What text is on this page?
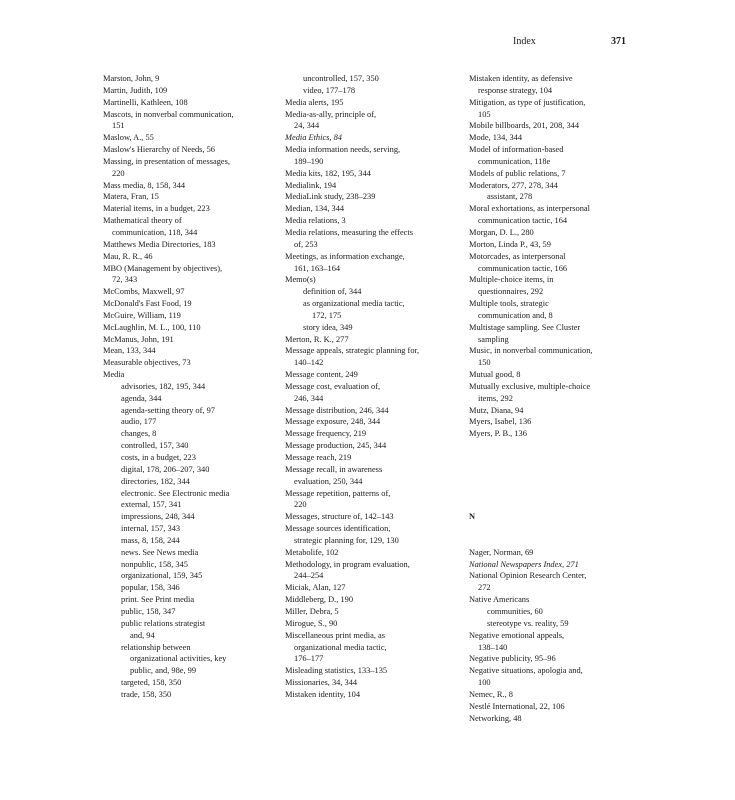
Index	371
Marston, John, 9
Martin, Judith, 109
Martinelli, Kathleen, 108
Mascots, in nonverbal communication,
151
Maslow, A., 55
Maslow's Hierarchy of Needs, 56
Massing, in presentation of messages,
220
Mass media, 8, 158, 344
Matera, Fran, 15
Material items, in a budget, 223
Mathematical theory of
communication, 118, 344
Matthews Media Directories, 183
Mau, R. R., 46
MBO (Management by objectives),
72, 343
McCombs, Maxwell, 97
McDonald's Fast Food, 19
McGuire, William, 119
McLaughlin, M. L., 100, 110
McManus, John, 191
Mean, 133, 344
Measurable objectives, 73
Media
advisories, 182, 195, 344
agenda, 344
agenda-setting theory of, 97
audio, 177
changes, 8
controlled, 157, 340
costs, in a budget, 223
digital, 178, 206–207, 340
directories, 182, 344
electronic. See Electronic media
external, 157, 341
impressions, 248, 344
internal, 157, 343
mass, 8, 158, 244
news. See News media
nonpublic, 158, 345
organizational, 159, 345
popular, 158, 346
print. See Print media
public, 158, 347
public relations strategist
and, 94
relationship between
organizational activities, key
public, and, 98e, 99
targeted, 158, 350
trade, 158, 350
uncontrolled, 157, 350
video, 177–178
Media alerts, 195
Media-as-ally, principle of,
24, 344
Media Ethics, 84
Media information needs, serving,
189–190
Media kits, 182, 195, 344
Medialink, 194
MediaLink study, 238–239
Median, 134, 344
Media relations, 3
Media relations, measuring the effects
of, 253
Meetings, as information exchange,
161, 163–164
Memo(s)
definition of, 344
as organizational media tactic,
172, 175
story idea, 349
Merton, R. K., 277
Message appeals, strategic planning for,
140–142
Message content, 249
Message cost, evaluation of,
246, 344
Message distribution, 246, 344
Message exposure, 248, 344
Message frequency, 219
Message production, 245, 344
Message reach, 219
Message recall, in awareness
evaluation, 250, 344
Message repetition, patterns of,
220
Messages, structure of, 142–143
Message sources identification,
strategic planning for, 129, 130
Metabolife, 102
Methodology, in program evaluation,
244–254
Miciak, Alan, 127
Middleberg, D., 190
Miller, Debra, 5
Mirogue, S., 90
Miscellaneous print media, as
organizational media tactic,
176–177
Misleading statistics, 133–135
Missionaries, 34, 344
Mistaken identity, 104
Mistaken identity, as defensive
response strategy, 104
Mitigation, as type of justification,
105
Mobile billboards, 201, 208, 344
Mode, 134, 344
Model of information-based
communication, 118e
Models of public relations, 7
Moderators, 277, 278, 344
assistant, 278
Moral exhortations, as interpersonal
communication tactic, 164
Morgan, D. L., 280
Morton, Linda P., 43, 59
Motorcades, as interpersonal
communication tactic, 166
Multiple-choice items, in
questionnaires, 292
Multiple tools, strategic
communication and, 8
Multistage sampling. See Cluster
sampling
Music, in nonverbal communication,
150
Mutual good, 8
Mutually exclusive, multiple-choice
items, 292
Mutz, Diana, 94
Myers, Isabel, 136
Myers, P. B., 136
N
Nager, Norman, 69
National Newspapers Index, 271
National Opinion Research Center,
272
Native Americans
communities, 60
stereotype vs. reality, 59
Negative emotional appeals,
138–140
Negative publicity, 95–96
Negative situations, apologia and,
100
Nemec, R., 8
Nestlé International, 22, 106
Networking, 48
